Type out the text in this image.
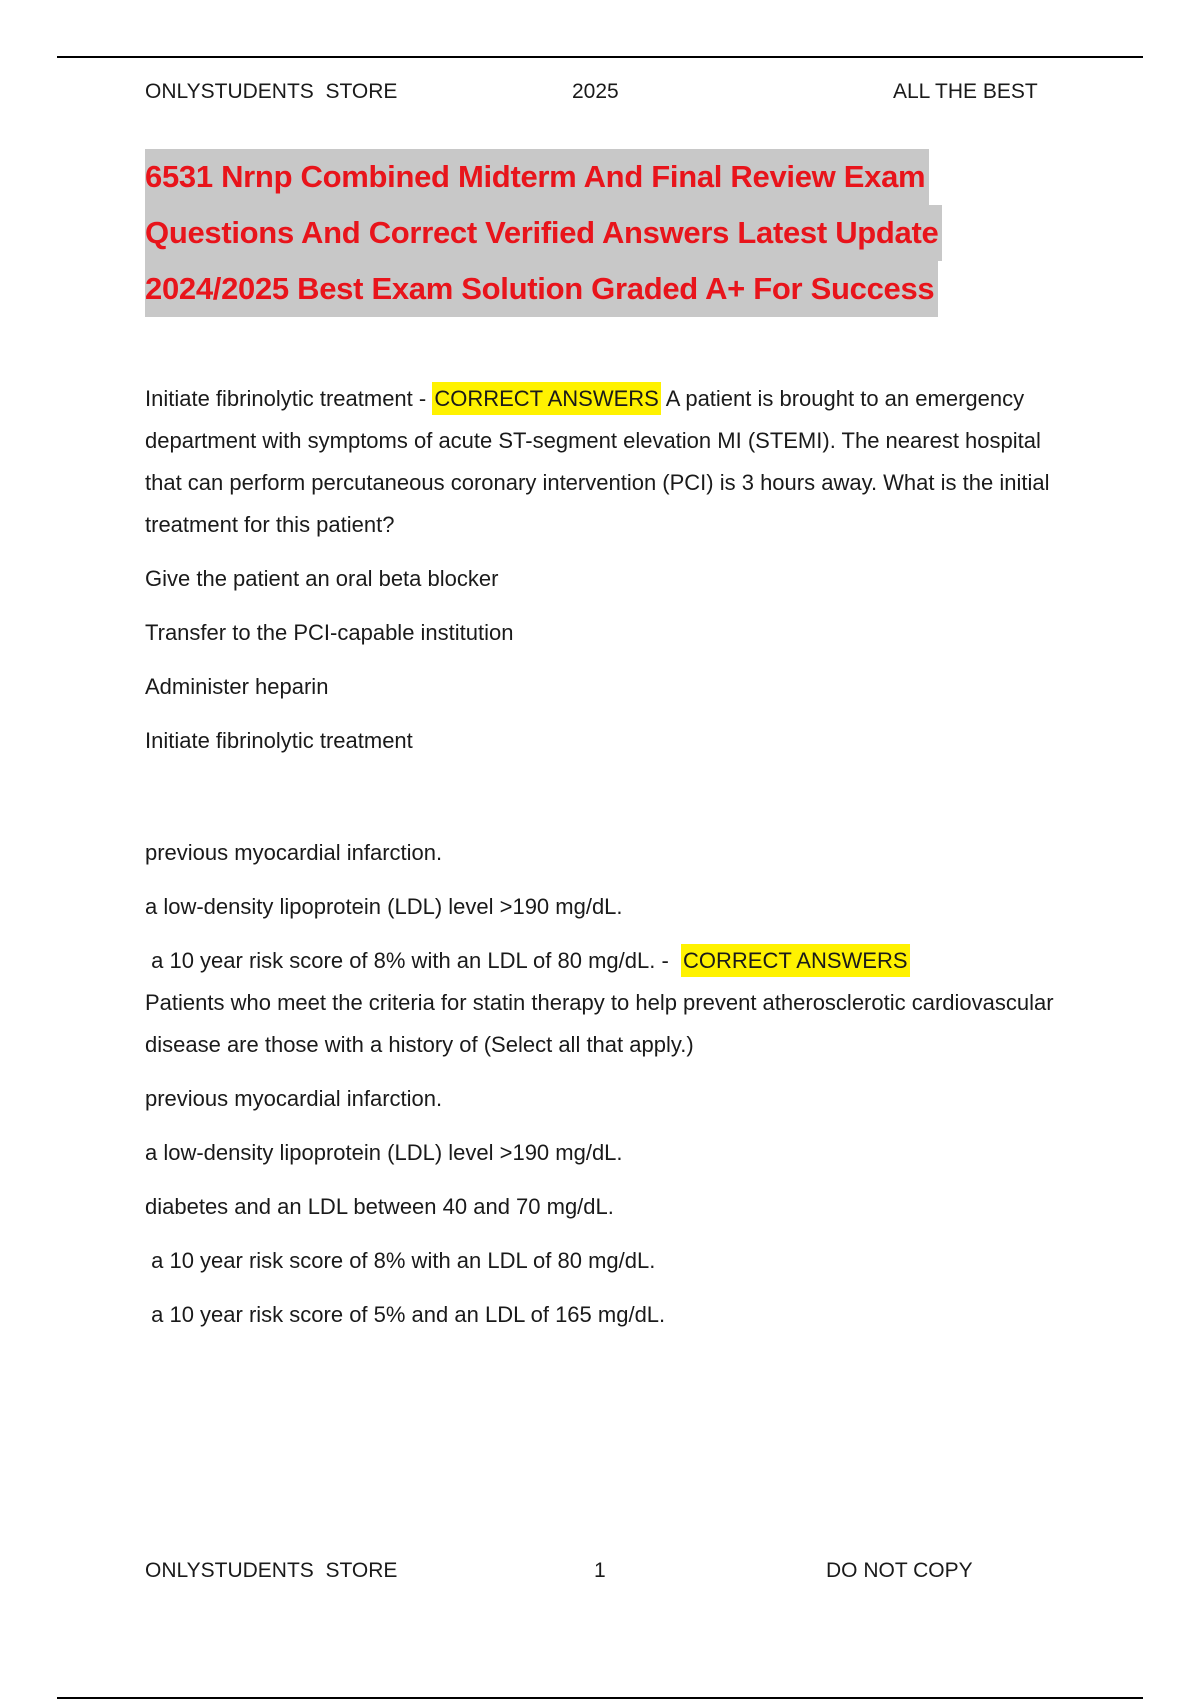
ONLYSTUDENTS  STORE	2025	ALL THE BEST
6531 Nrnp Combined Midterm And Final Review Exam
Questions And Correct Verified Answers Latest Update
2024/2025 Best Exam Solution Graded A+ For Success

Initiate fibrinolytic treatment - CORRECT ANSWERS A patient is brought to an emergency department with symptoms of acute ST-segment elevation MI (STEMI). The nearest hospital that can perform percutaneous coronary intervention (PCI) is 3 hours away. What is the initial treatment for this patient?

Give the patient an oral beta blocker

Transfer to the PCI-capable institution

Administer heparin

Initiate fibrinolytic treatment

previous myocardial infarction.

a low-density lipoprotein (LDL) level >190 mg/dL.

a 10 year risk score of 8% with an LDL of 80 mg/dL. -  CORRECT ANSWERS
Patients who meet the criteria for statin therapy to help prevent atherosclerotic cardiovascular disease are those with a history of (Select all that apply.)

previous myocardial infarction.

a low-density lipoprotein (LDL) level >190 mg/dL.

diabetes and an LDL between 40 and 70 mg/dL.

a 10 year risk score of 8% with an LDL of 80 mg/dL.

a 10 year risk score of 5% and an LDL of 165 mg/dL.

ONLYSTUDENTS  STORE	1	DO NOT COPY
